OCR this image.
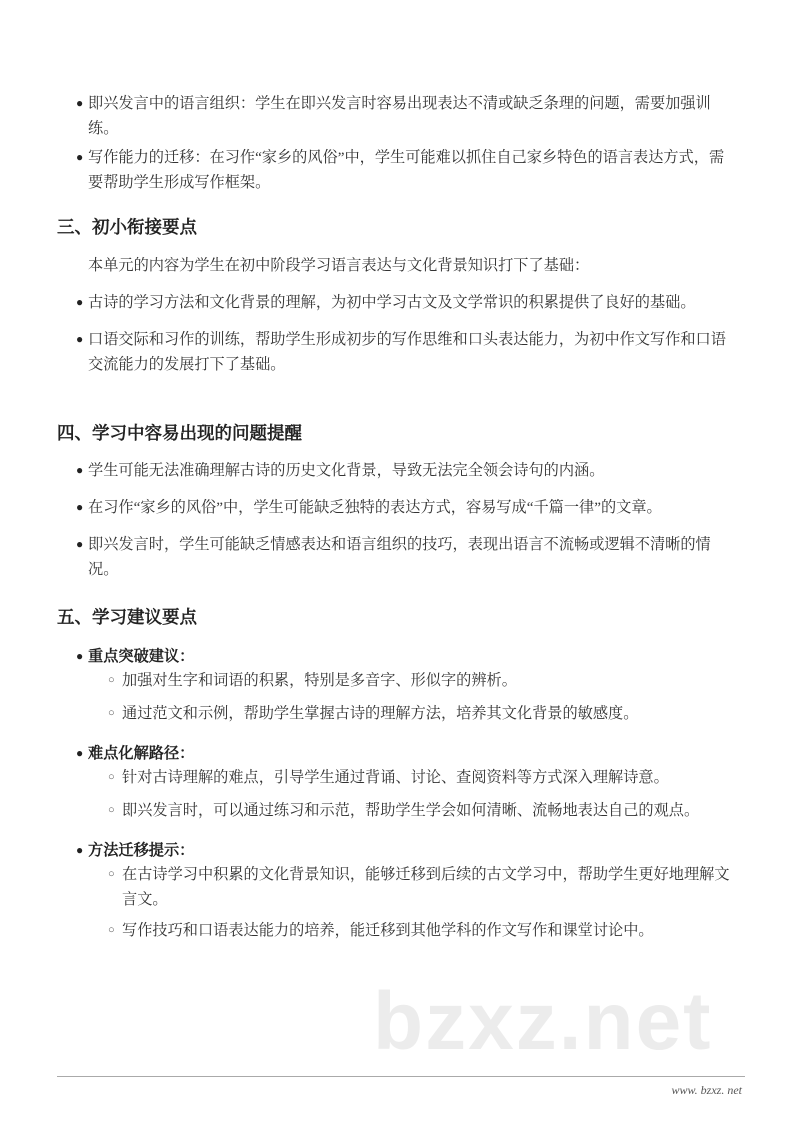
● 即兴发言中的语言组织：学生在即兴发言时容易出现表达不清或缺乏条理的问题，需要加强训练。
● 写作能力的迁移：在习作“家乡的风俗”中，学生可能难以抓住自己家乡特色的语言表达方式，需要帮助学生形成写作框架。
三、初小衔接要点
本单元的内容为学生在初中阶段学习语言表达与文化背景知识打下了基础：
● 古诗的学习方法和文化背景的理解，为初中学习古文及文学常识的积累提供了良好的基础。
● 口语交际和习作的训练，帮助学生形成初步的写作思维和口头表达能力，为初中作文写作和口语交流能力的发展打下了基础。
四、学习中容易出现的问题提醒
● 学生可能无法准确理解古诗的历史文化背景，导致无法完全领会诗句的内涵。
● 在习作“家乡的风俗”中，学生可能缺乏独特的表达方式，容易写成“千篇一律”的文章。
● 即兴发言时，学生可能缺乏情感表达和语言组织的技巧，表现出语言不流畅或逻辑不清晰的情况。
五、学习建议要点
● 重点突破建议：
○ 加强对生字和词语的积累，特别是多音字、形似字的辨析。
○ 通过范文和示例，帮助学生掌握古诗的理解方法，培养其文化背景的敏感度。
● 难点化解路径：
○ 针对古诗理解的难点，引导学生通过背诵、讨论、查阅资料等方式深入理解诗意。
○ 即兴发言时，可以通过练习和示范，帮助学生学会如何清晰、流畅地表达自己的观点。
● 方法迁移提示：
○ 在古诗学习中积累的文化背景知识，能够迁移到后续的古文学习中，帮助学生更好地理解文言文。
○ 写作技巧和口语表达能力的培养，能迁移到其他学科的作文写作和课堂讨论中。
bzxz.net
www. bzxz. net
